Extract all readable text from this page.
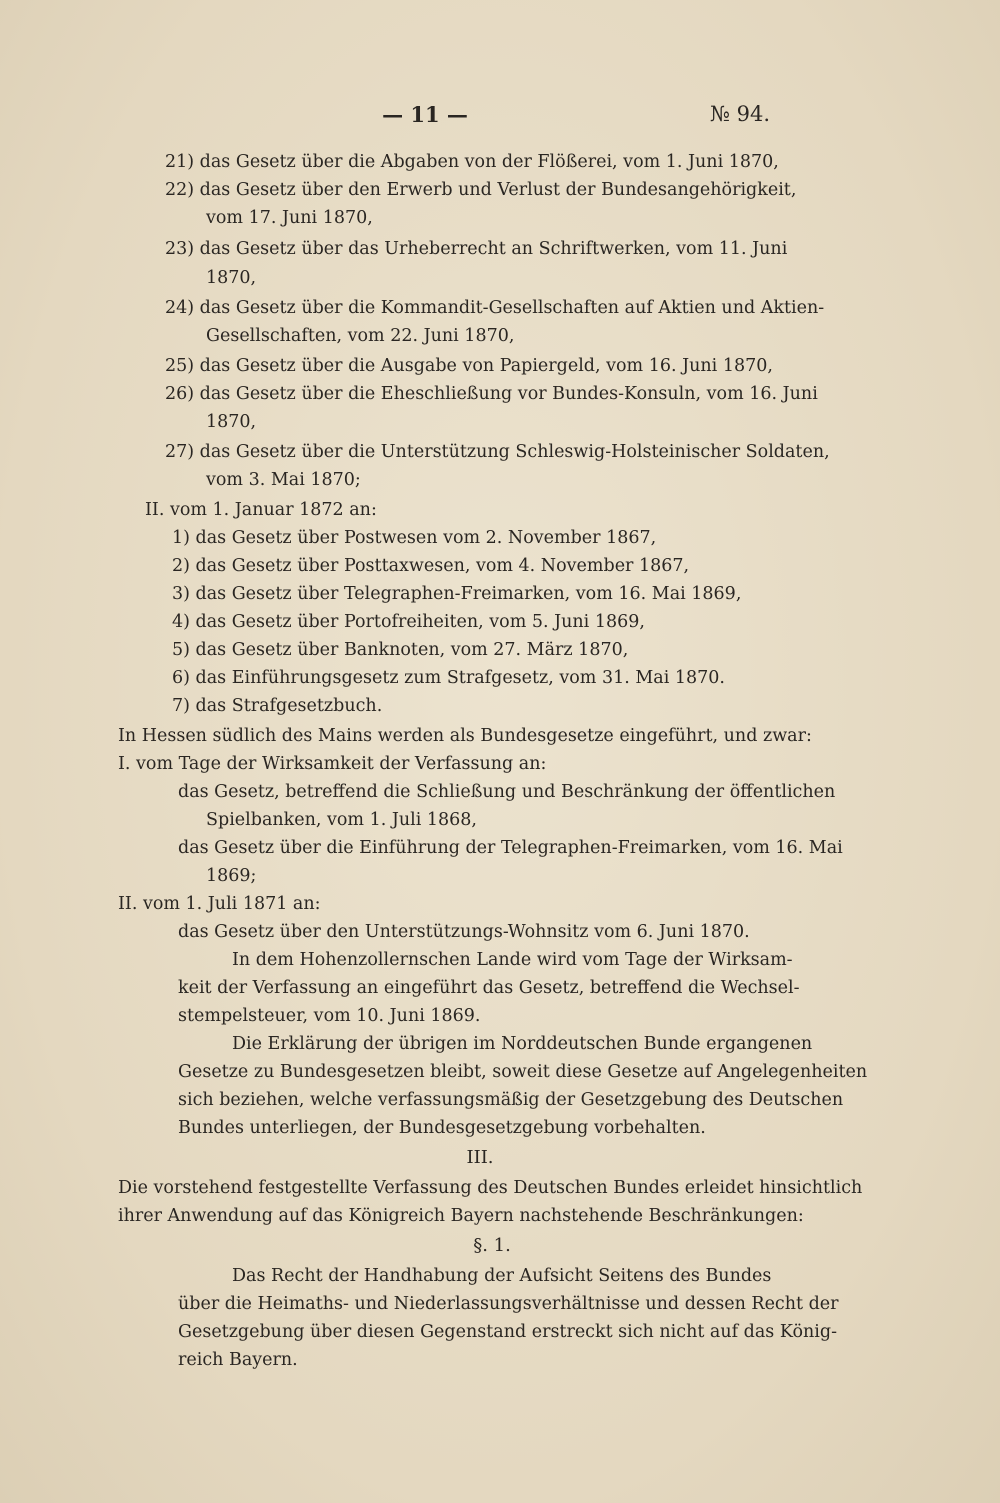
— 11 —	№ 94.
21) das Gesetz über die Abgaben von der Flößerei, vom 1. Juni 1870,
22) das Gesetz über den Erwerb und Verlust der Bundesangehörigkeit,
vom 17. Juni 1870,
23) das Gesetz über das Urheberrecht an Schriftwerken, vom 11. Juni
1870,
24) das Gesetz über die Kommandit-Gesellschaften auf Aktien und Aktien-
Gesellschaften, vom 22. Juni 1870,
25) das Gesetz über die Ausgabe von Papiergeld, vom 16. Juni 1870,
26) das Gesetz über die Eheschließung vor Bundes-Konsuln, vom 16. Juni
1870,
27) das Gesetz über die Unterstützung Schleswig-Holsteinischer Soldaten,
vom 3. Mai 1870;
II. vom 1. Januar 1872 an:
1) das Gesetz über Postwesen vom 2. November 1867,
2) das Gesetz über Posttaxwesen, vom 4. November 1867,
3) das Gesetz über Telegraphen-Freimarken, vom 16. Mai 1869,
4) das Gesetz über Portofreiheiten, vom 5. Juni 1869,
5) das Gesetz über Banknoten, vom 27. März 1870,
6) das Einführungsgesetz zum Strafgesetz, vom 31. Mai 1870.
7) das Strafgesetzbuch.
In Hessen südlich des Mains werden als Bundesgesetze eingeführt, und zwar:
I. vom Tage der Wirksamkeit der Verfassung an:
das Gesetz, betreffend die Schließung und Beschränkung der öffentlichen
Spielbanken, vom 1. Juli 1868,
das Gesetz über die Einführung der Telegraphen-Freimarken, vom 16. Mai
1869;
II. vom 1. Juli 1871 an:
das Gesetz über den Unterstützungs-Wohnsitz vom 6. Juni 1870.
In dem Hohenzollernschen Lande wird vom Tage der Wirksam-
keit der Verfassung an eingeführt das Gesetz, betreffend die Wechsel-
stempelsteuer, vom 10. Juni 1869.
Die Erklärung der übrigen im Norddeutschen Bunde ergangenen
Gesetze zu Bundesgesetzen bleibt, soweit diese Gesetze auf Angelegenheiten
sich beziehen, welche verfassungsmäßig der Gesetzgebung des Deutschen
Bundes unterliegen, der Bundesgesetzgebung vorbehalten.
III.
Die vorstehend festgestellte Verfassung des Deutschen Bundes erleidet hinsichtlich
ihrer Anwendung auf das Königreich Bayern nachstehende Beschränkungen:
§. 1.
Das Recht der Handhabung der Aufsicht Seitens des Bundes
über die Heimaths- und Niederlassungsverhältnisse und dessen Recht der
Gesetzgebung über diesen Gegenstand erstreckt sich nicht auf das König-
reich Bayern.
